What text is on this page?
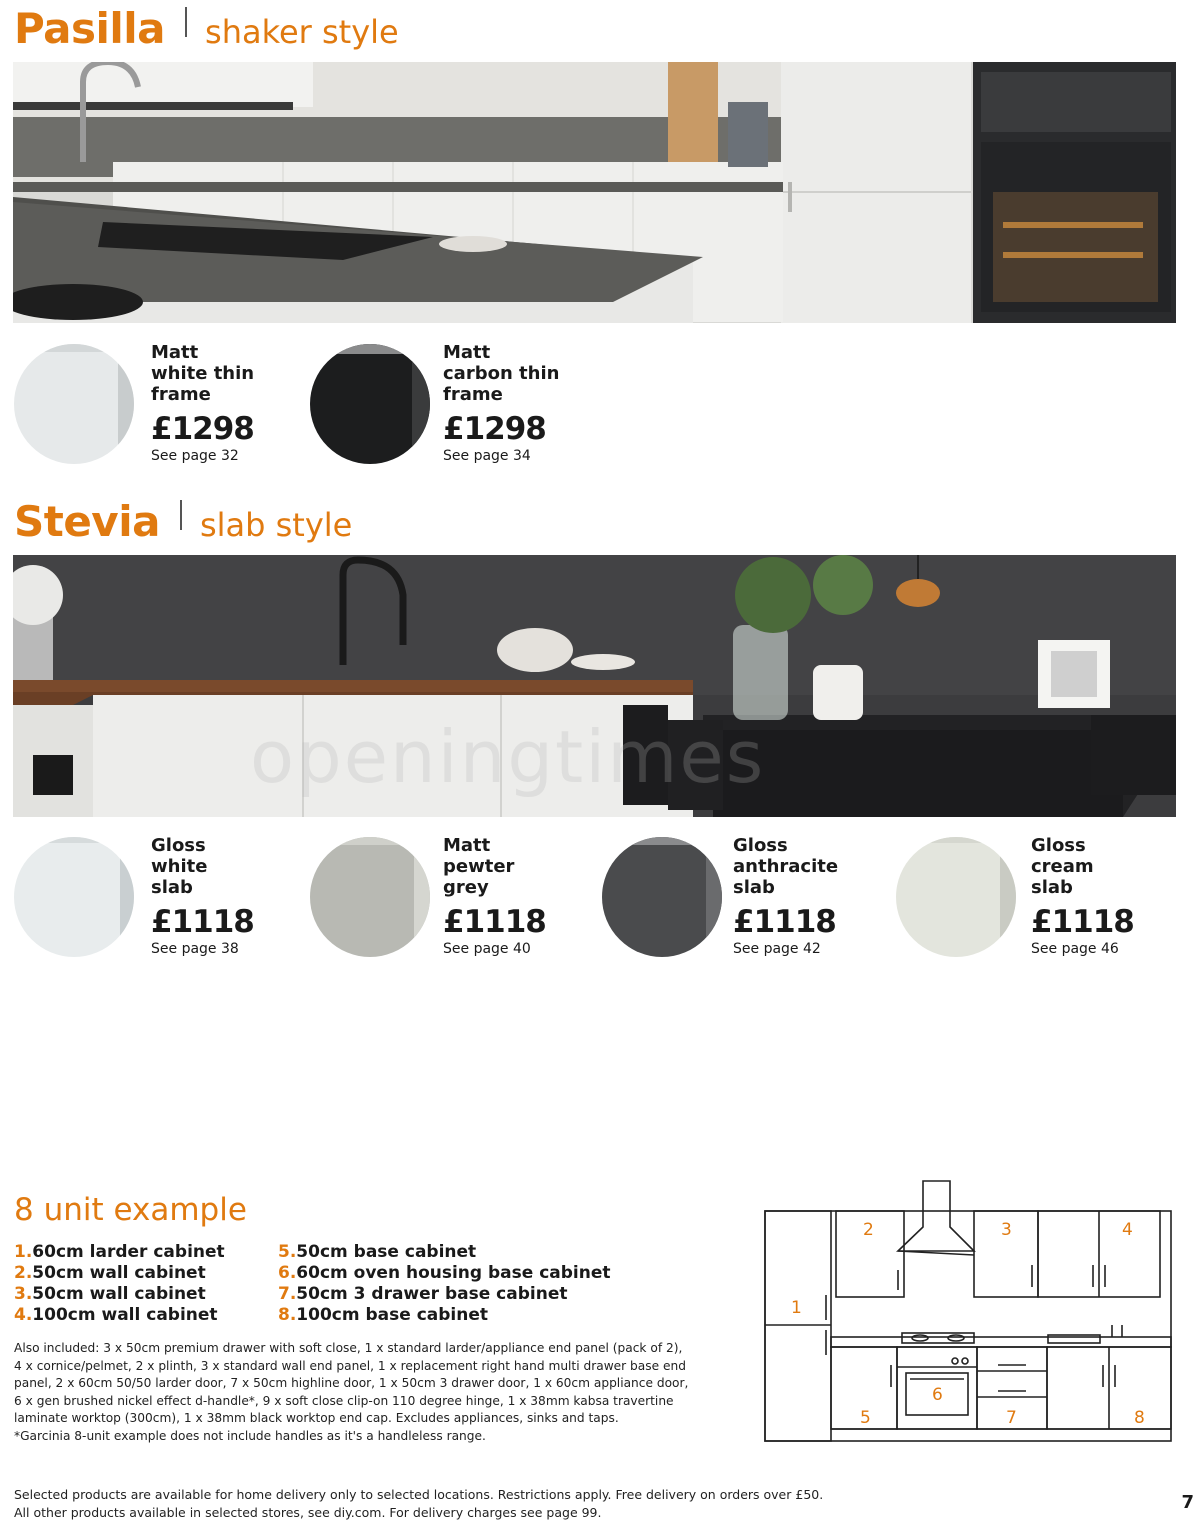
Pasilla shaker style
Matt
white thin
frame
£1298
See page 32
Matt
carbon thin
frame
£1298
See page 34
Stevia slab style
openingtimes
Gloss
white
slab
£1118
See page 38
Matt
pewter
grey
£1118
See page 40
Gloss
anthracite
slab
£1118
See page 42
Gloss
cream
slab
£1118
See page 46
8 unit example
1.60cm larder cabinet
2.50cm wall cabinet
3.50cm wall cabinet
4.100cm wall cabinet
5.50cm base cabinet
6.60cm oven housing base cabinet
7.50cm 3 drawer base cabinet
8.100cm base cabinet
Also included: 3 x 50cm premium drawer with soft close, 1 x standard larder/appliance end panel (pack of 2),
4 x cornice/pelmet, 2 x plinth, 3 x standard wall end panel, 1 x replacement right hand multi drawer base end
panel, 2 x 60cm 50/50 larder door, 7 x 50cm highline door, 1 x 50cm 3 drawer door, 1 x 60cm appliance door,
6 x gen brushed nickel effect d-handle*, 9 x soft close clip-on 110 degree hinge, 1 x 38mm kabsa travertine
laminate worktop (300cm), 1 x 38mm black worktop end cap. Excludes appliances, sinks and taps.
*Garcinia 8-unit example does not include handles as it's a handleless range.
1
2	3	4
5
6
7	8
Selected products are available for home delivery only to selected locations. Restrictions apply. Free delivery on orders over £50.
All other products available in selected stores, see diy.com. For delivery charges see page 99.	7
